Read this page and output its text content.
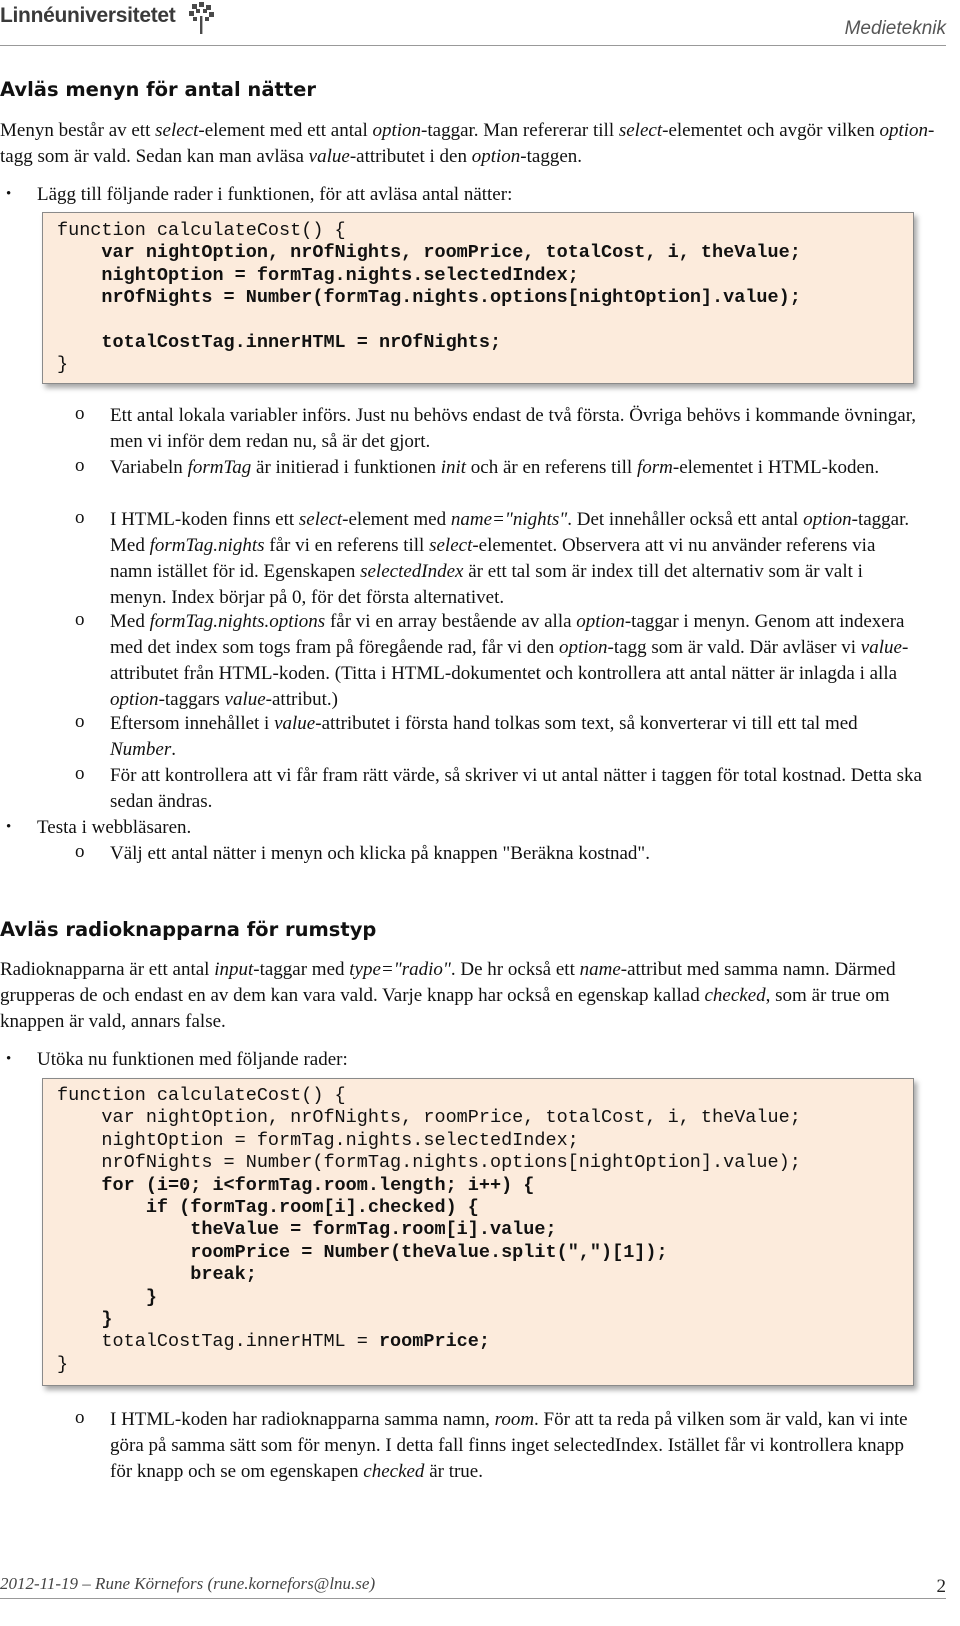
Linnéuniversitetet
Medieteknik
Avläs menyn för antal nätter

Menyn består av ett select-element med ett antal option-taggar. Man refererar till select-elementet och avgör vilken option-tagg som är vald. Sedan kan man avläsa value-attributet i den option-taggen.

• Lägg till följande rader i funktionen, för att avläsa antal nätter:
function calculateCost() {
var nightOption, nrOfNights, roomPrice, totalCost, i, theValue;
nightOption = formTag.nights.selectedIndex;
nrOfNights = Number(formTag.nights.options[nightOption].value);

totalCostTag.innerHTML = nrOfNights;
}
o Ett antal lokala variabler införs. Just nu behövs endast de två första. Övriga behövs i kommande övningar, men vi inför dem redan nu, så är det gjort.
o Variabeln formTag är initierad i funktionen init och är en referens till form-elementet i HTML-koden.
o I HTML-koden finns ett select-element med name="nights". Det innehåller också ett antal option-taggar. Med formTag.nights får vi en referens till select-elementet. Observera att vi nu använder referens via namn istället för id. Egenskapen selectedIndex är ett tal som är index till det alternativ som är valt i menyn. Index börjar på 0, för det första alternativet.
o Med formTag.nights.options får vi en array bestående av alla option-taggar i menyn. Genom att indexera med det index som togs fram på föregående rad, får vi den option-tagg som är vald. Där avläser vi value-attributet från HTML-koden. (Titta i HTML-dokumentet och kontrollera att antal nätter är inlagda i alla option-taggars value-attribut.)
o Eftersom innehållet i value-attributet i första hand tolkas som text, så konverterar vi till ett tal med Number.
o För att kontrollera att vi får fram rätt värde, så skriver vi ut antal nätter i taggen för total kostnad. Detta ska sedan ändras.
• Testa i webbläsaren.
o Välj ett antal nätter i menyn och klicka på knappen "Beräkna kostnad".
Avläs radioknapparna för rumstyp

Radioknapparna är ett antal input-taggar med type="radio". De hr också ett name-attribut med samma namn. Därmed grupperas de och endast en av dem kan vara vald. Varje knapp har också en egenskap kallad checked, som är true om knappen är vald, annars false.

• Utöka nu funktionen med följande rader:
function calculateCost() {
var nightOption, nrOfNights, roomPrice, totalCost, i, theValue;
nightOption = formTag.nights.selectedIndex;
nrOfNights = Number(formTag.nights.options[nightOption].value);
for (i=0; i<formTag.room.length; i++) {
if (formTag.room[i].checked) {
theValue = formTag.room[i].value;
roomPrice = Number(theValue.split(",")[1]);
break;
}
}
totalCostTag.innerHTML = roomPrice;
}
o I HTML-koden har radioknapparna samma namn, room. För att ta reda på vilken som är vald, kan vi inte göra på samma sätt som för menyn. I detta fall finns inget selectedIndex. Istället får vi kontrollera knapp för knapp och se om egenskapen checked är true.
2012-11-19 – Rune Körnefors (rune.kornefors@lnu.se)	2
